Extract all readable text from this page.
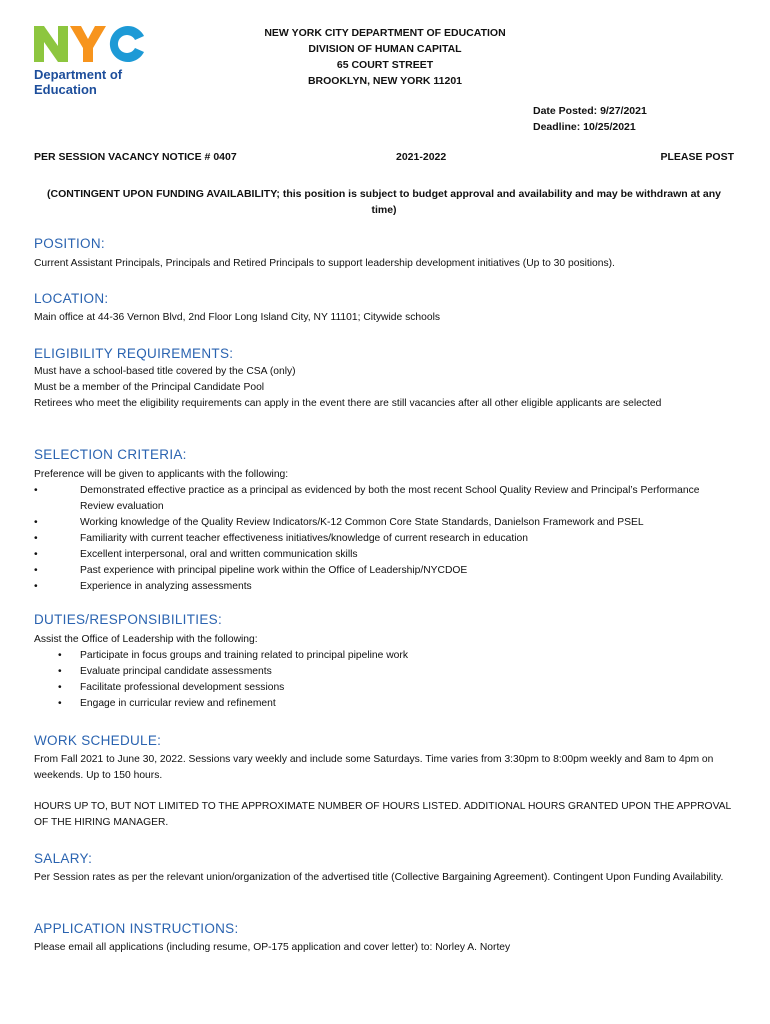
Department of
Education
NEW YORK CITY DEPARTMENT OF EDUCATION
DIVISION OF HUMAN CAPITAL
65 COURT STREET
BROOKLYN, NEW YORK 11201
Date Posted: 9/27/2021
Deadline: 10/25/2021
PER SESSION VACANCY NOTICE # 0407	2021-2022	PLEASE POST
(CONTINGENT UPON FUNDING AVAILABILITY; this position is subject to budget approval and availability and may be withdrawn at any time)
POSITION:
Current Assistant Principals, Principals and Retired Principals to support leadership development initiatives (Up to 30 positions).
LOCATION:
Main office at 44-36 Vernon Blvd, 2nd Floor Long Island City, NY 11101; Citywide schools
ELIGIBILITY REQUIREMENTS:

Must have a school-based title covered by the CSA (only)

Must be a member of the Principal Candidate Pool

Retirees who meet the eligibility requirements can apply in the event there are still vacancies after all other eligible applicants are selected

SELECTION CRITERIA:

Preference will be given to applicants with the following:

• Demonstrated effective practice as a principal as evidenced by both the most recent School Quality Review and Principal’s Performance Review evaluation
• Working knowledge of the Quality Review Indicators/K-12 Common Core State Standards, Danielson Framework and PSEL
• Familiarity with current teacher effectiveness initiatives/knowledge of current research in education
• Excellent interpersonal, oral and written communication skills
• Past experience with principal pipeline work within the Office of Leadership/NYCDOE
• Experience in analyzing assessments
DUTIES/RESPONSIBILITIES:

Assist the Office of Leadership with the following:

• Participate in focus groups and training related to principal pipeline work
• Evaluate principal candidate assessments
• Facilitate professional development sessions
• Engage in curricular review and refinement
WORK SCHEDULE:
From Fall 2021 to June 30, 2022. Sessions vary weekly and include some Saturdays. Time varies from 3:30pm to 8:00pm weekly and 8am to 4pm on weekends. Up to 150 hours.
HOURS UP TO, BUT NOT LIMITED TO THE APPROXIMATE NUMBER OF HOURS LISTED. ADDITIONAL HOURS GRANTED UPON THE APPROVAL OF THE HIRING MANAGER.
SALARY:
Per Session rates as per the relevant union/organization of the advertised title (Collective Bargaining Agreement). Contingent Upon Funding Availability.
APPLICATION INSTRUCTIONS:
Please email all applications (including resume, OP-175 application and cover letter) to: Norley A. Nortey
